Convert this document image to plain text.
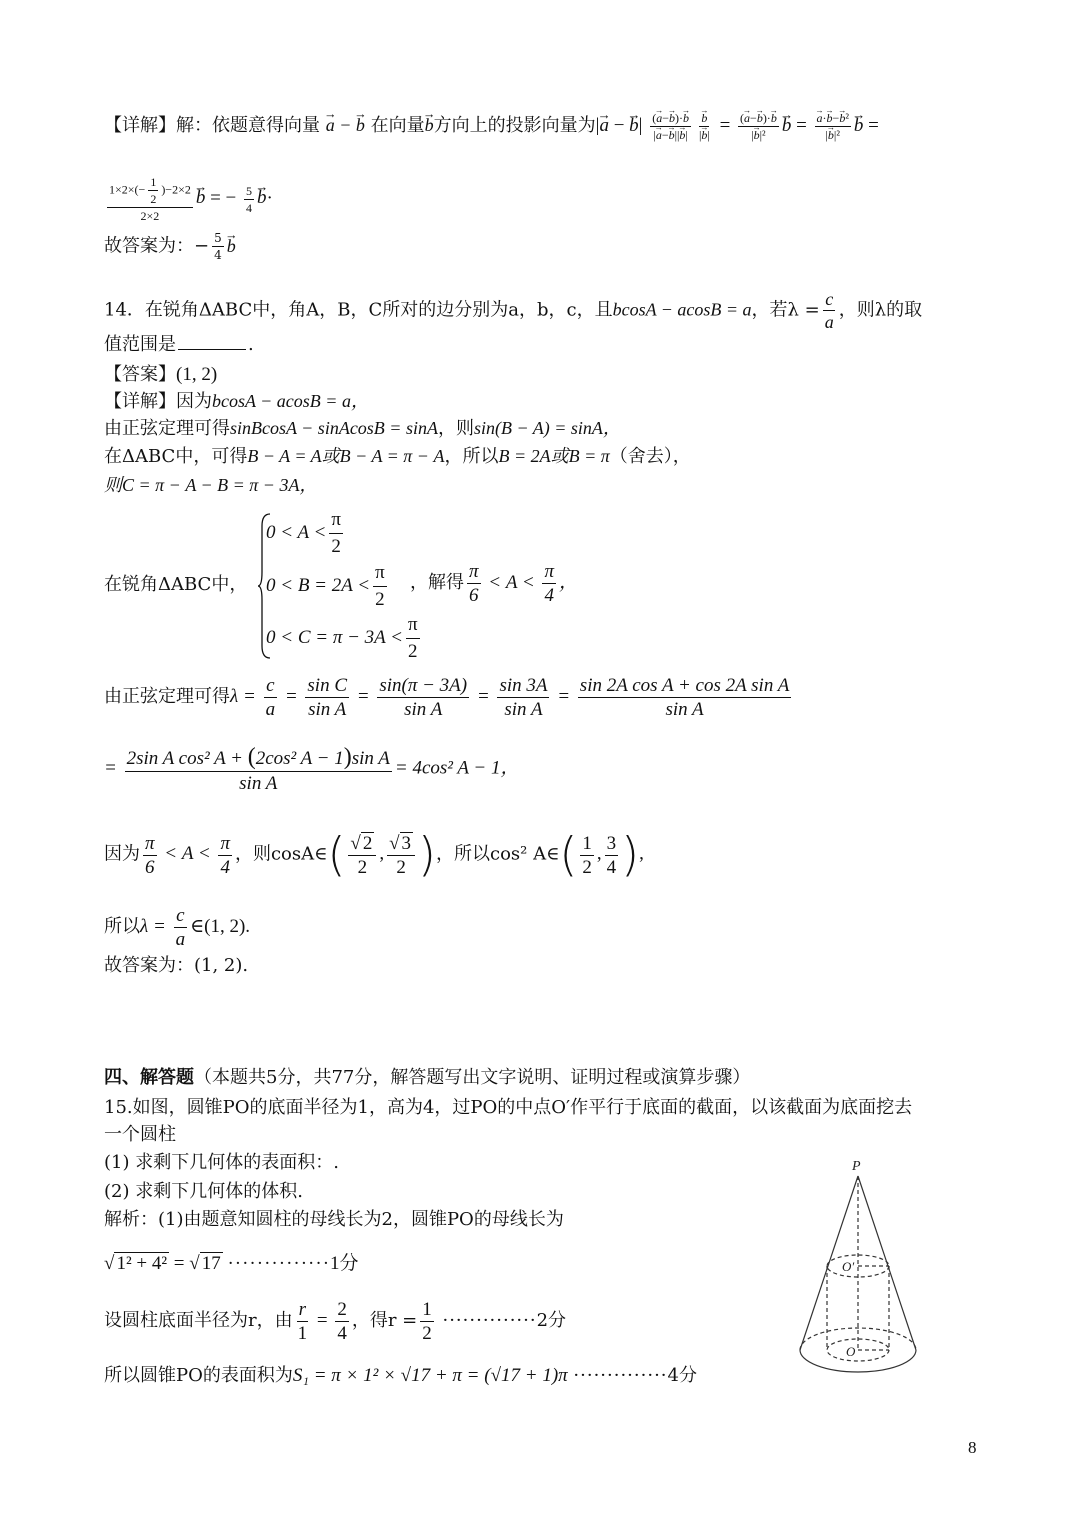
【详解】解：依题意得向量 a → − b → 在向量b →方向上的投影向量为|a → − b →| $\frac{(a \to-b \to)\cdot b \to}{|a \to-b \to||b \to|} \frac{b \to}{|b \to|} = \frac{(a \to-b \to)\cdot b \to}{\text{|b →|²}}$ b → = $\frac{\text{a →·b →−b →²}}{\text{|b →|²}}$ b → =
$\frac{1\times 2\times(- \frac{1}{2} )-2\times 2}{2\times 2}$ b → = − $\frac{5}{4}$ b →·
故答案为：− $\frac{5}{4}$ b →
14．在锐角ΔABC中，角A，B，C所对的边分别为a，b，c，且bcosA − acosB = a，若$\lambda = \frac{c}{a}$ ，则λ的取
值范围是	.
【答案】(1, 2)
【详解】因为bcosA − acosB = a，
由正弦定理可得sinBcosA − sinAcosB = sinA，则sin(B − A) = sinA，
在ΔABC中，可得B − A = A或B − A = π − A，所以B = 2A或B = π（舍去），
则C = π − A − B = π − 3A，
$0 < A < \frac{\pi}{2}$
$0 < B = 2A < \frac{\pi}{2}$
$0 < C = \pi - 3A < \frac{\pi}{2}$
在锐角ΔABC中，	，解得 $\frac{\pi}{6} < A < \frac{\pi}{4}$ ，
由正弦定理可得$\lambda = \frac{c}{a} = \frac{\text{sin C}}{\text{sin A}} = \frac{\sin(\pi - 3A)}{\text{sin A}} = \frac{\sin 3A}{\text{sin A}} = \frac{\text{sin 2A cos A + cos 2A sin A}}{\text{sin A}}$
= $\frac{\text{2sin A cos² A + (2cos² A − 1)sin A}}{\text{sin A}} = 4\cos^2$ A − 1，
因为 $\frac{\pi}{6} < A < \frac{\pi}{4}$ ，则cosA∈( $\frac{√ 2}{2}$ , $\frac{√ 3}{2}$ )，所以cos² A∈( $\frac{1}{2}$ , $\frac{3}{4}$ ),
所以$\lambda = \frac{c}{a}$ ∈(1, 2).
故答案为：(1, 2).
四、解答题（本题共5分，共77分，解答题写出文字说明、证明过程或演算步骤）
15.如图，圆锥PO的底面半径为1，高为4，过PO的中点O′作平行于底面的截面，以该截面为底面挖去
一个圆柱
(1) 求剩下几何体的表面积：.
(2) 求剩下几何体的体积.
解析：(1)由题意知圆柱的母线长为2，圆锥PO的母线长为
√ 1² + 4² = √ 17 ··············1分
设圆柱底面半径为r，由 $\frac{r}{1} = \frac{2}{4}$ ，得$r = \frac{1}{2} \cdot\cdot\cdot\cdot\cdot\cdot\cdot\cdot\cdot\cdot\cdot\cdot\cdot\cdot 2$分
所以圆锥PO的表面积为S₁ = π × 1² × √17 + π = (√17 + 1)π ··············4分
P
O′
O
8
